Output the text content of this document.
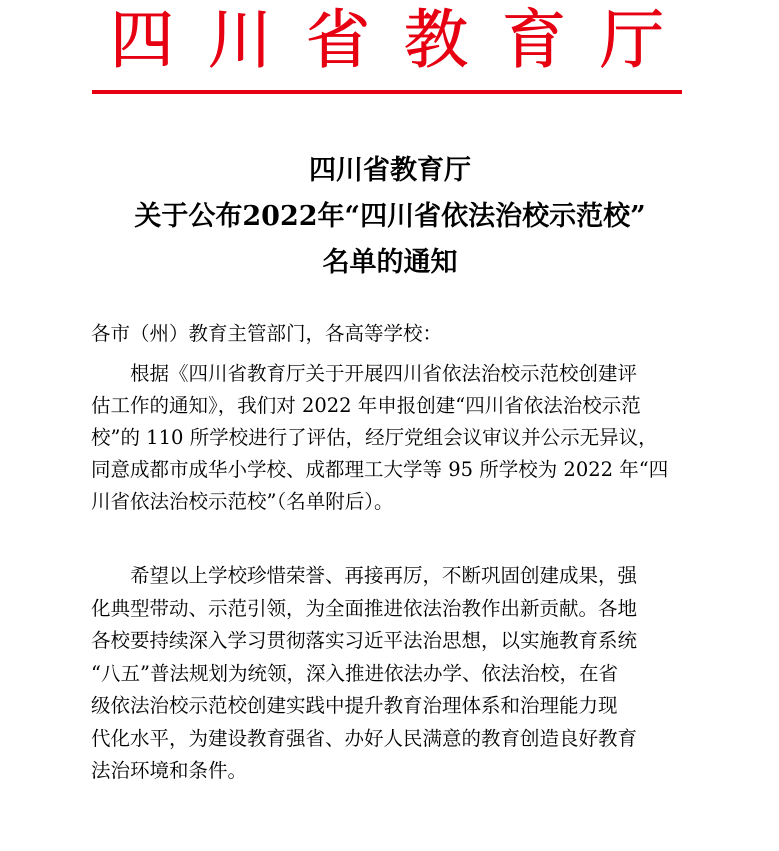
四川省教育厅
四川省教育厅
关于公布2022年“四川省依法治校示范校”
名单的通知
各市（州）教育主管部门，各高等学校：
　　根据《四川省教育厅关于开展四川省依法治校示范校创建评
估工作的通知》，我们对 2022 年申报创建“四川省依法治校示范
校”的 110 所学校进行了评估，经厅党组会议审议并公示无异议，
同意成都市成华小学校、成都理工大学等 95 所学校为 2022 年“四
川省依法治校示范校”（名单附后）。
　　希望以上学校珍惜荣誉、再接再厉，不断巩固创建成果，强
化典型带动、示范引领，为全面推进依法治教作出新贡献。各地
各校要持续深入学习贯彻落实习近平法治思想，以实施教育系统
“八五”普法规划为统领，深入推进依法办学、依法治校，在省
级依法治校示范校创建实践中提升教育治理体系和治理能力现
代化水平，为建设教育强省、办好人民满意的教育创造良好教育
法治环境和条件。
